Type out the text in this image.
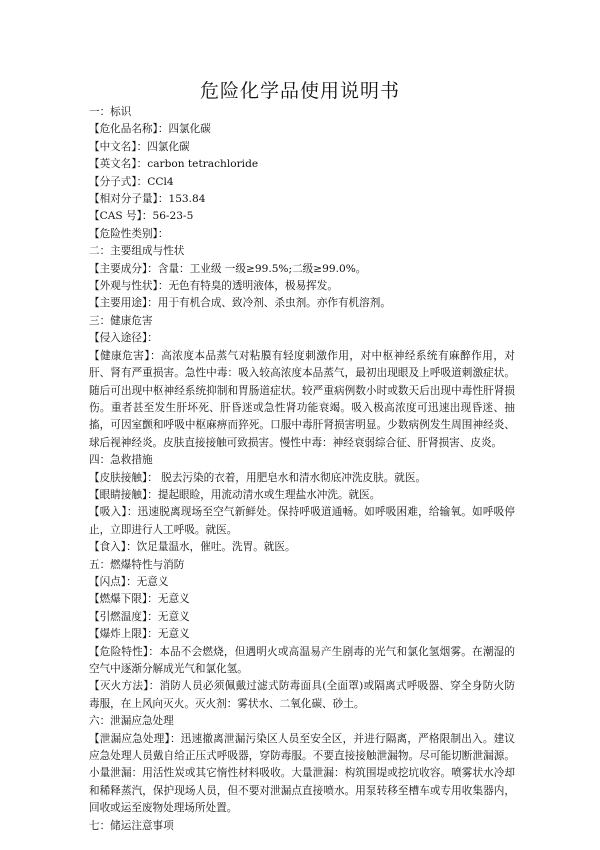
危险化学品使用说明书
一：标识
【危化品名称】：四氯化碳
【中文名】：四氯化碳
【英文名】：carbon tetrachloride
【分子式】：CCl4
【相对分子量】：153.84
【CAS 号】：56-23-5
【危险性类别】：
二：主要组成与性状
【主要成分】：含量：工业级 一级≥99.5%;二级≥99.0%。
【外观与性状】：无色有特臭的透明液体，极易挥发。
【主要用途】：用于有机合成、致冷剂、杀虫剂。亦作有机溶剂。
三：健康危害
【侵入途径】：
【健康危害】：高浓度本品蒸气对粘膜有轻度刺激作用，对中枢神经系统有麻醉作用，对肝、肾有严重损害。急性中毒：吸入较高浓度本品蒸气，最初出现眼及上呼吸道刺激症状。随后可出现中枢神经系统抑制和胃肠道症状。较严重病例数小时或数天后出现中毒性肝肾损伤。重者甚至发生肝坏死、肝昏迷或急性肾功能衰竭。吸入极高浓度可迅速出现昏迷、抽搐，可因室颤和呼吸中枢麻痹而猝死。口服中毒肝肾损害明显。少数病例发生周围神经炎、 球后视神经炎。皮肤直接接触可致损害。慢性中毒：神经衰弱综合征、肝肾损害、皮炎。
四：急救措施
【皮肤接触】： 脱去污染的衣着，用肥皂水和清水彻底冲洗皮肤。就医。
【眼睛接触】：提起眼睑，用流动清水或生理盐水冲洗。就医。
【吸入】：迅速脱离现场至空气新鲜处。保持呼吸道通畅。如呼吸困难，给输氧。如呼吸停止，立即进行人工呼吸。就医。
【食入】：饮足量温水，催吐。洗胃。就医。
五：燃爆特性与消防
【闪点】：无意义
【燃爆下限】：无意义
【引燃温度】：无意义
【爆炸上限】：无意义
【危险特性】：本品不会燃烧，但遇明火或高温易产生剧毒的光气和氯化氢烟雾。在潮湿的空气中逐渐分解成光气和氯化氢。
【灭火方法】：消防人员必须佩戴过滤式防毒面具(全面罩)或隔离式呼吸器、穿全身防火防毒服，在上风向灭火。灭火剂：雾状水、二氧化碳、砂土。
六：泄漏应急处理
【泄漏应急处理】：迅速撤离泄漏污染区人员至安全区，并进行隔离，严格限制出入。建议应急处理人员戴自给正压式呼吸器，穿防毒服。不要直接接触泄漏物。尽可能切断泄漏源。小量泄漏：用活性炭或其它惰性材料吸收。大量泄漏：构筑围堤或挖坑收容。喷雾状水冷却和稀释蒸汽，保护现场人员，但不要对泄漏点直接喷水。用泵转移至槽车或专用收集器内，回收或运至废物处理场所处置。
七：储运注意事项
